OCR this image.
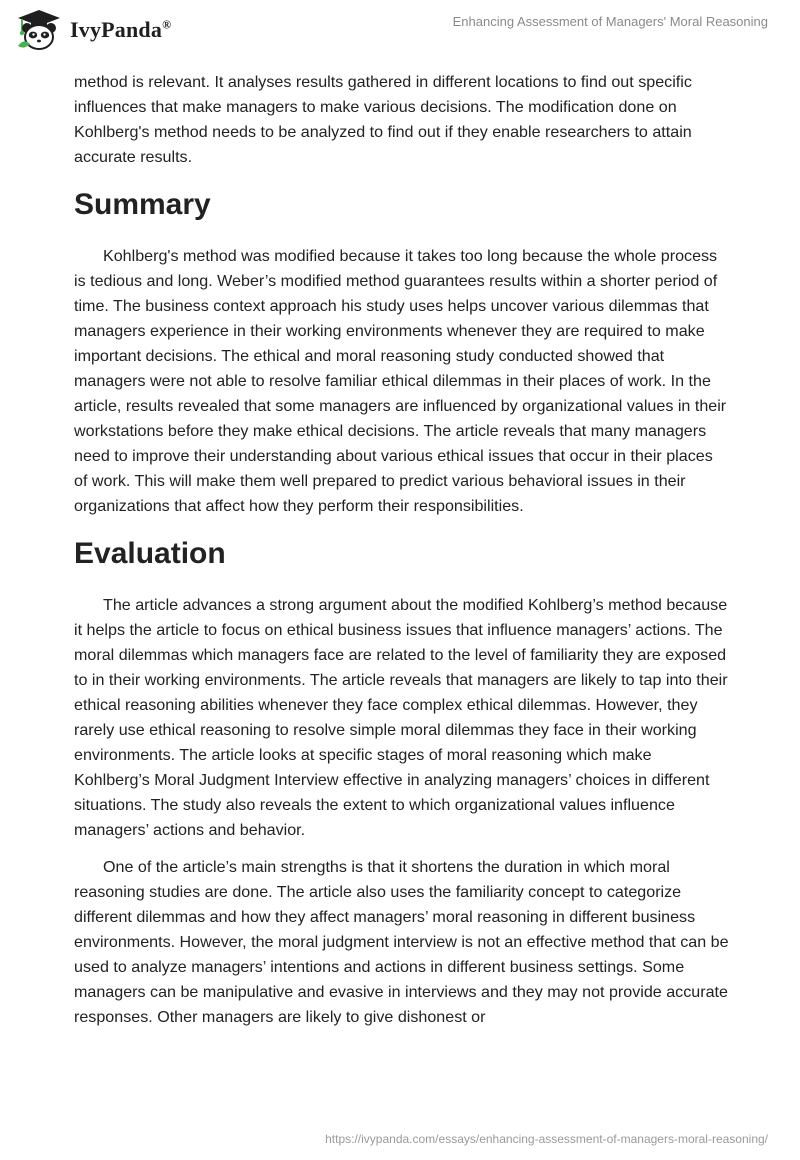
IvyPanda®	Enhancing Assessment of Managers' Moral Reasoning

method is relevant. It analyses results gathered in different locations to find out specific influences that make managers to make various decisions. The modification done on Kohlberg's method needs to be analyzed to find out if they enable researchers to attain accurate results.

Summary

Kohlberg's method was modified because it takes too long because the whole process is tedious and long. Weber’s modified method guarantees results within a shorter period of time. The business context approach his study uses helps uncover various dilemmas that managers experience in their working environments whenever they are required to make important decisions. The ethical and moral reasoning study conducted showed that managers were not able to resolve familiar ethical dilemmas in their places of work. In the article, results revealed that some managers are influenced by organizational values in their workstations before they make ethical decisions. The article reveals that many managers need to improve their understanding about various ethical issues that occur in their places of work. This will make them well prepared to predict various behavioral issues in their organizations that affect how they perform their responsibilities.

Evaluation

The article advances a strong argument about the modified Kohlberg’s method because it helps the article to focus on ethical business issues that influence managers’ actions. The moral dilemmas which managers face are related to the level of familiarity they are exposed to in their working environments. The article reveals that managers are likely to tap into their ethical reasoning abilities whenever they face complex ethical dilemmas. However, they rarely use ethical reasoning to resolve simple moral dilemmas they face in their working environments. The article looks at specific stages of moral reasoning which make Kohlberg’s Moral Judgment Interview effective in analyzing managers’ choices in different situations. The study also reveals the extent to which organizational values influence managers’ actions and behavior.

One of the article’s main strengths is that it shortens the duration in which moral reasoning studies are done. The article also uses the familiarity concept to categorize different dilemmas and how they affect managers’ moral reasoning in different business environments. However, the moral judgment interview is not an effective method that can be used to analyze managers’ intentions and actions in different business settings. Some managers can be manipulative and evasive in interviews and they may not provide accurate responses. Other managers are likely to give dishonest or

https://ivypanda.com/essays/enhancing-assessment-of-managers-moral-reasoning/
